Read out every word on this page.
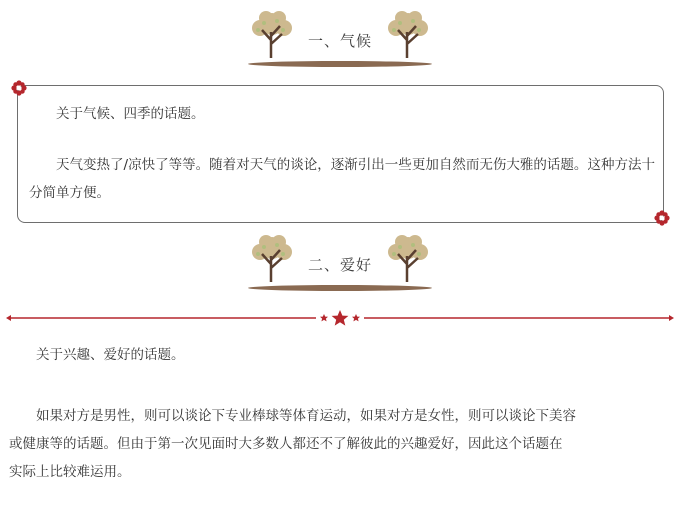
一、气候

关于气候、四季的话题。

天气变热了/凉快了等等。随着对天气的谈论，逐渐引出一些更加自然而无伤大雅的话题。这种方法十分简单方便。

二、爱好

关于兴趣、爱好的话题。

如果对方是男性，则可以谈论下专业棒球等体育运动，如果对方是女性，则可以谈论下美容
或健康等的话题。但由于第一次见面时大多数人都还不了解彼此的兴趣爱好，因此这个话题在
实际上比较难运用。
